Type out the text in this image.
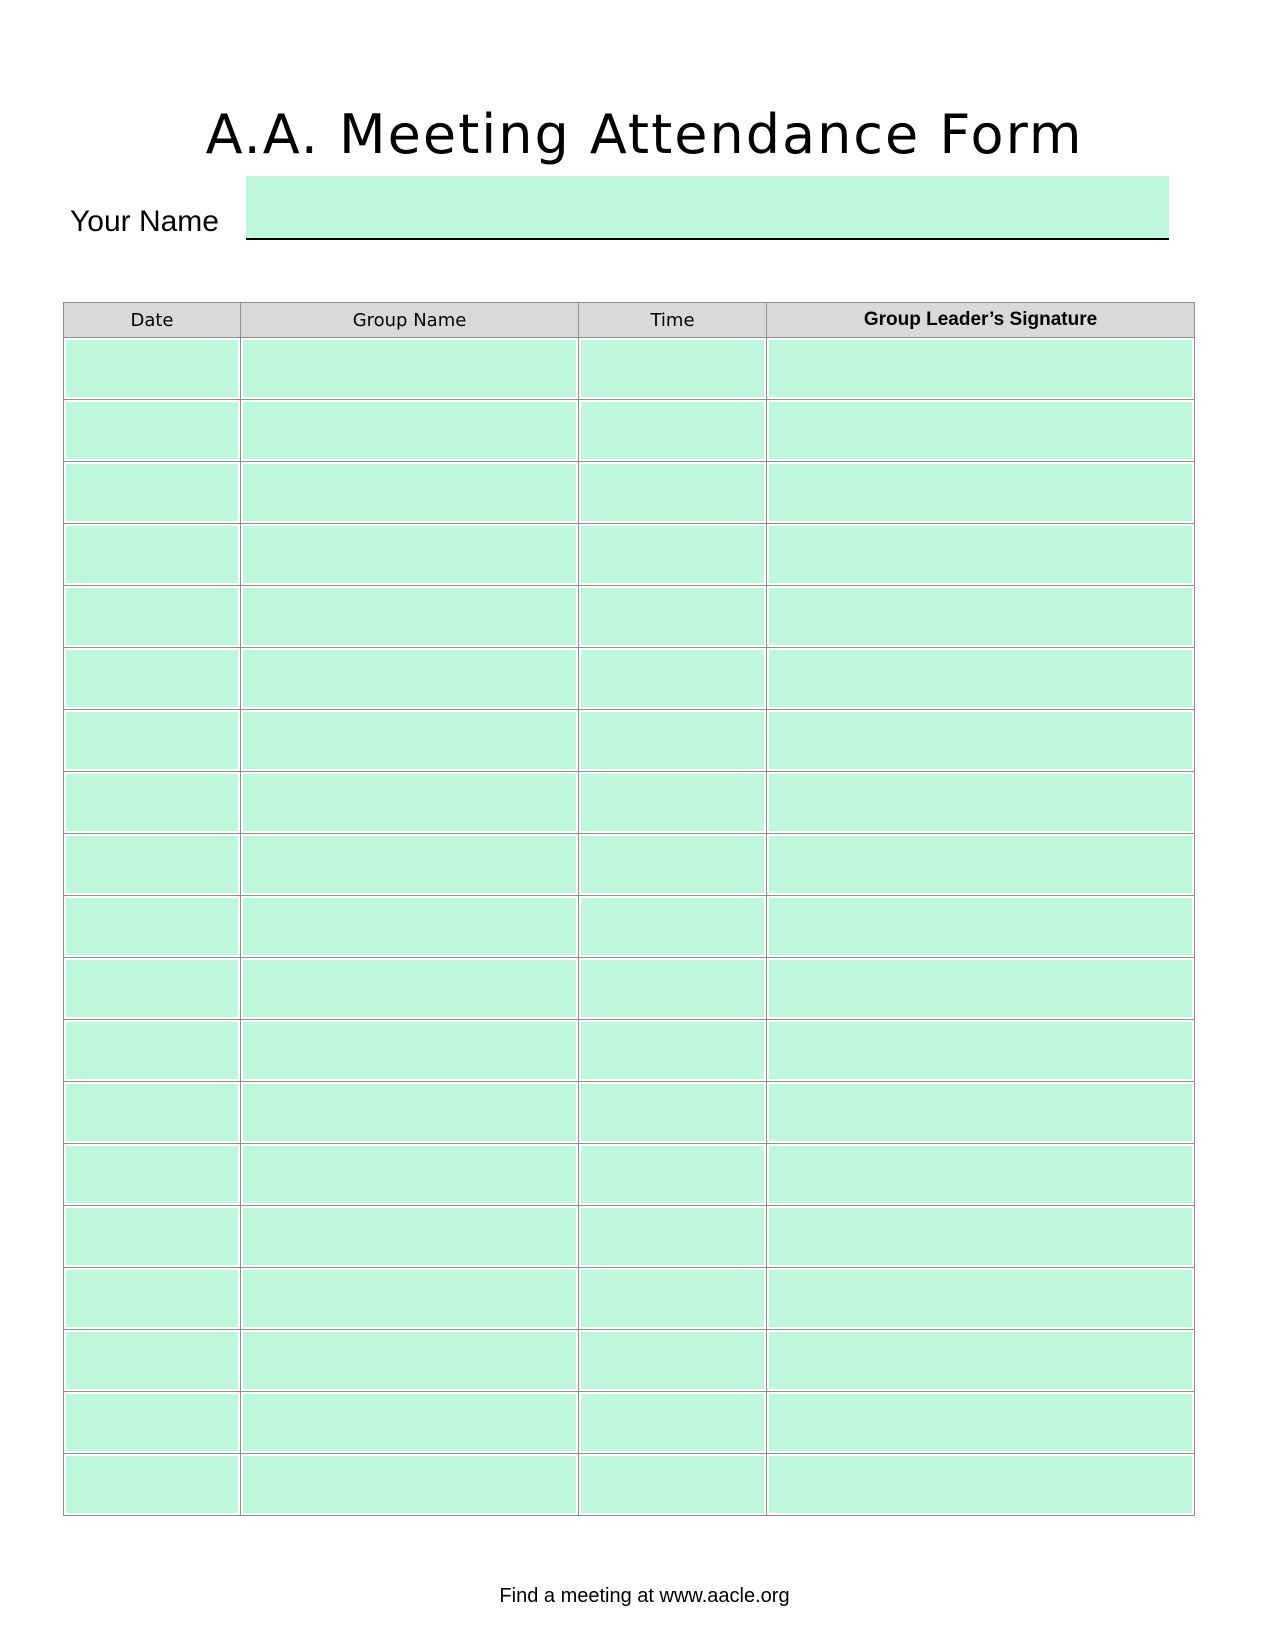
A.A. Meeting Attendance Form
Your Name
Date	Group Name	Time	Group Leader’s Signature

Find a meeting at www.aacle.org
